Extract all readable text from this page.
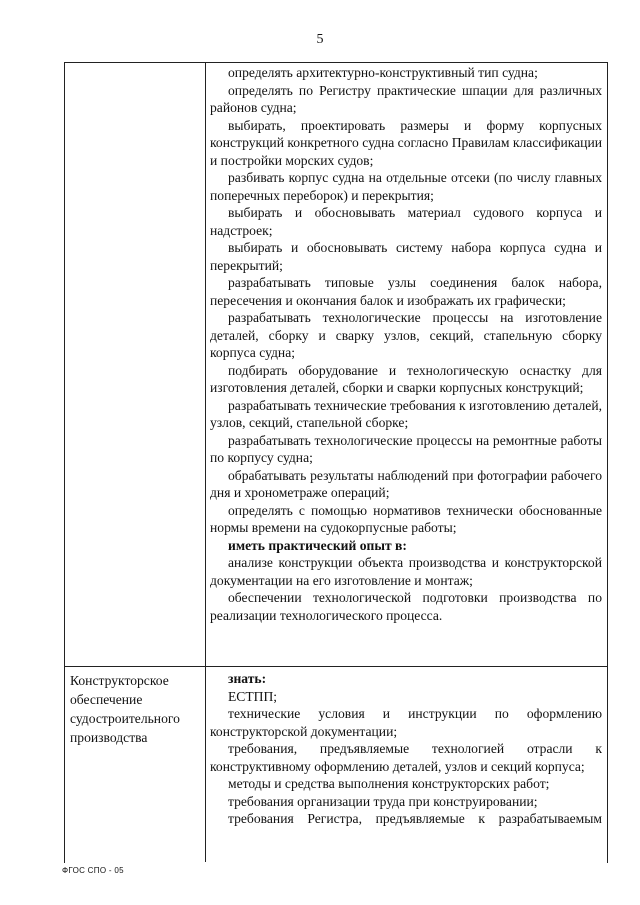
5
определять архитектурно-конструктивный тип судна;
определять по Регистру практические шпации для различных районов судна;
выбирать, проектировать размеры и форму корпусных конструкций конкретного судна согласно Правилам классификации и постройки морских судов;
разбивать корпус судна на отдельные отсеки (по числу главных поперечных переборок) и перекрытия;
выбирать и обосновывать материал судового корпуса и надстроек;
выбирать и обосновывать систему набора корпуса судна и перекрытий;
разрабатывать типовые узлы соединения балок набора, пересечения и окончания балок и изображать их графически;
разрабатывать технологические процессы на изготовление деталей, сборку и сварку узлов, секций, стапельную сборку корпуса судна;
подбирать оборудование и технологическую оснастку для изготовления деталей, сборки и сварки корпусных конструкций;
разрабатывать технические требования к изготовлению деталей, узлов, секций, стапельной сборке;
разрабатывать технологические процессы на ремонтные работы по корпусу судна;
обрабатывать результаты наблюдений при фотографии рабочего дня и хронометраже операций;
определять с помощью нормативов технически обоснованные нормы времени на судокорпусные работы;
иметь практический опыт в:
анализе конструкции объекта производства и конструкторской документации на его изготовление и монтаж;
обеспечении технологической подготовки производства по реализации технологического процесса.
Конструкторское
обеспечение
судостроительного
производства
знать:
ЕСТПП;
технические условия и инструкции по оформлению конструкторской документации;
требования, предъявляемые технологией отрасли к конструктивному оформлению деталей, узлов и секций корпуса;
методы и средства выполнения конструкторских работ;
требования организации труда при конструировании;
требования Регистра, предъявляемые к разрабатываемым
ФГОС СПО - 05
